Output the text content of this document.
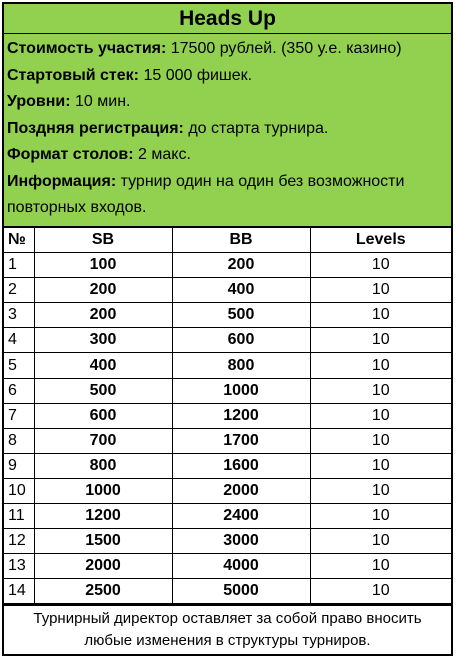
Heads Up

Стоимость участия: 17500 рублей. (350 у.е. казино)

Стартовый стек: 15 000 фишек.

Уровни: 10 мин.

Поздняя регистрация: до старта турнира.

Формат столов: 2 макс.

Информация: турнир один на один без возможности повторных входов.

№	SB	BB	Levels
1	100	200	10
2	200	400	10
3	200	500	10
4	300	600	10
5	400	800	10
6	500	1000	10
7	600	1200	10
8	700	1700	10
9	800	1600	10
10	1000	2000	10
11	1200	2400	10
12	1500	3000	10
13	2000	4000	10
14	2500	5000	10
Турнирный директор оставляет за собой право вносить любые изменения в структуры турниров.
